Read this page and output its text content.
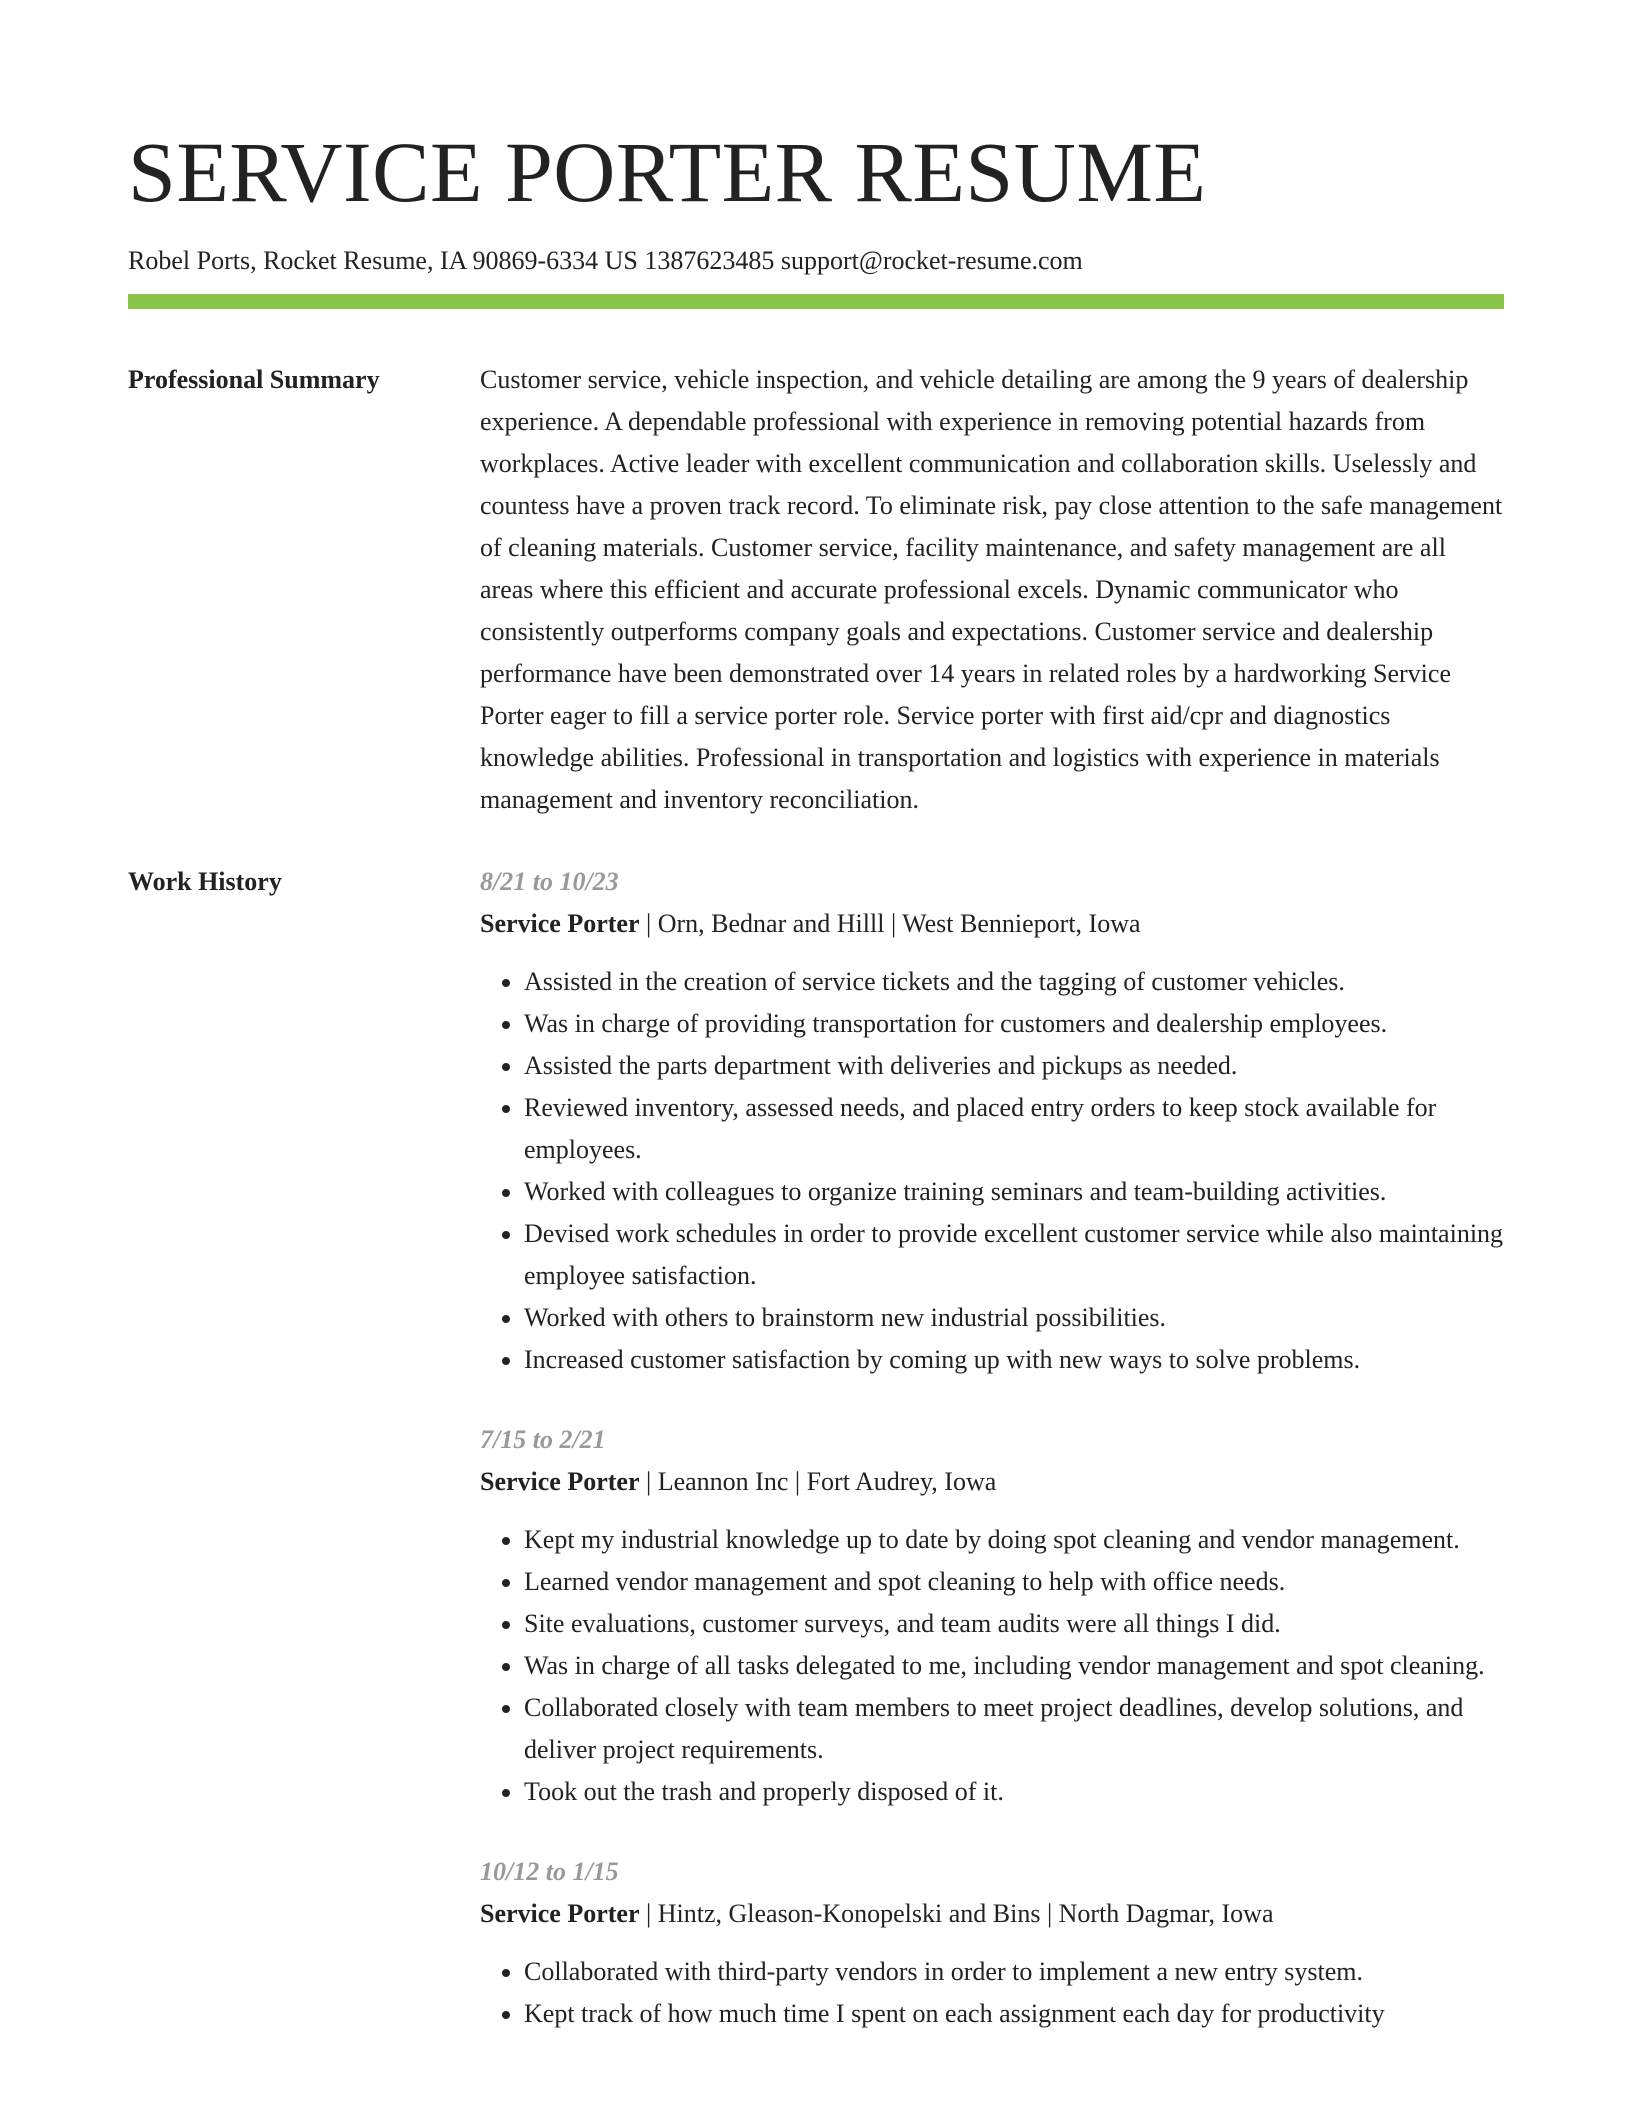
SERVICE PORTER RESUME
Robel Ports, Rocket Resume, IA 90869-6334 US 1387623485 support@rocket-resume.com
Professional Summary	Customer service, vehicle inspection, and vehicle detailing are among the 9 years of dealership experience. A dependable professional with experience in removing potential hazards from workplaces. Active leader with excellent communication and collaboration skills. Uselessly and countess have a proven track record. To eliminate risk, pay close attention to the safe management of cleaning materials. Customer service, facility maintenance, and safety management are all areas where this efficient and accurate professional excels. Dynamic communicator who consistently outperforms company goals and expectations. Customer service and dealership performance have been demonstrated over 14 years in related roles by a hardworking Service Porter eager to fill a service porter role. Service porter with first aid/cpr and diagnostics knowledge abilities. Professional in transportation and logistics with experience in materials management and inventory reconciliation.

Work History	8/21 to 10/23
Service Porter | Orn, Bednar and Hilll | West Bennieport, Iowa
• Assisted in the creation of service tickets and the tagging of customer vehicles.
• Was in charge of providing transportation for customers and dealership employees.
• Assisted the parts department with deliveries and pickups as needed.
• Reviewed inventory, assessed needs, and placed entry orders to keep stock available for employees.
• Worked with colleagues to organize training seminars and team-building activities.
• Devised work schedules in order to provide excellent customer service while also maintaining employee satisfaction.
• Worked with others to brainstorm new industrial possibilities.
• Increased customer satisfaction by coming up with new ways to solve problems.
7/15 to 2/21
Service Porter | Leannon Inc | Fort Audrey, Iowa
• Kept my industrial knowledge up to date by doing spot cleaning and vendor management.
• Learned vendor management and spot cleaning to help with office needs.
• Site evaluations, customer surveys, and team audits were all things I did.
• Was in charge of all tasks delegated to me, including vendor management and spot cleaning.
• Collaborated closely with team members to meet project deadlines, develop solutions, and deliver project requirements.
• Took out the trash and properly disposed of it.
10/12 to 1/15
Service Porter | Hintz, Gleason-Konopelski and Bins | North Dagmar, Iowa
• Collaborated with third-party vendors in order to implement a new entry system.
• Kept track of how much time I spent on each assignment each day for productivity
